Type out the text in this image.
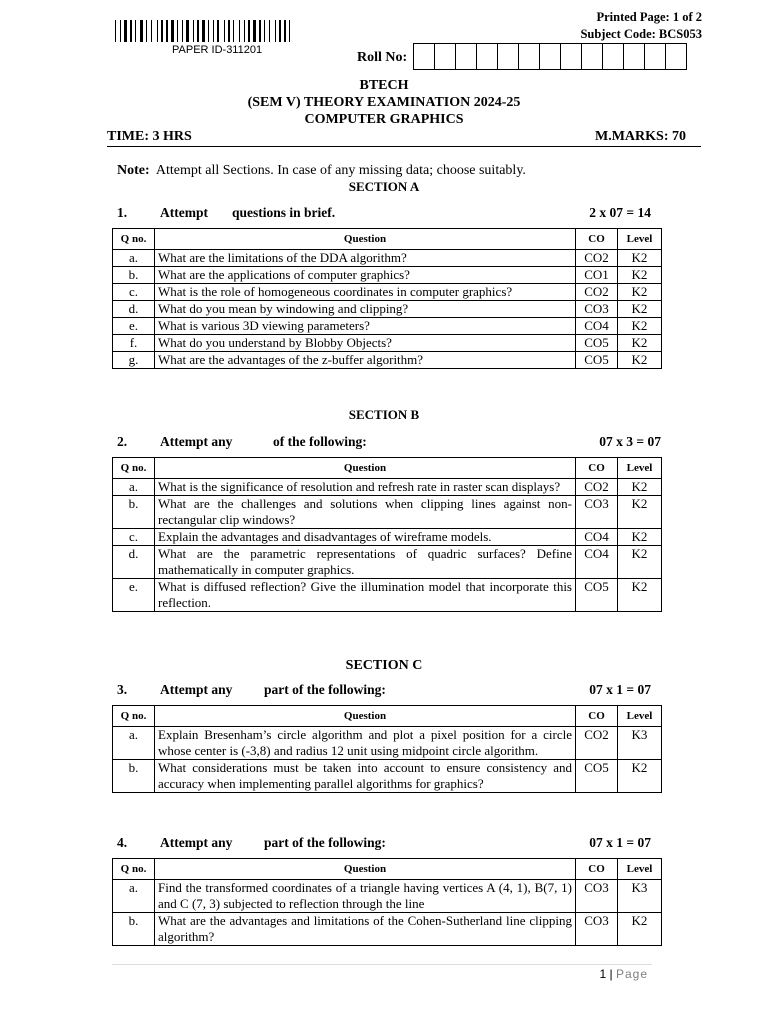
PAPER ID-311201
Printed Page: 1 of 2
Subject Code: BCS053
Roll No:
BTECH
(SEM V) THEORY EXAMINATION 2024-25
COMPUTER GRAPHICS
TIME: 3 HRS	M.MARKS: 70
Note: Attempt all Sections. In case of any missing data; choose suitably.
SECTION A
1. Attempt questions in brief.	2 x 07 = 14
Q no.	Question	CO	Level
a.	What are the limitations of the DDA algorithm?	CO2	K2
b.	What are the applications of computer graphics?	CO1	K2
c.	What is the role of homogeneous coordinates in computer graphics?	CO2	K2
d.	What do you mean by windowing and clipping?	CO3	K2
e.	What is various 3D viewing parameters?	CO4	K2
f.	What do you understand by Blobby Objects?	CO5	K2
g.	What are the advantages of the z-buffer algorithm?	CO5	K2
SECTION B
2. Attempt any	of the following:	07 x 3 = 07
Q no.	Question	CO	Level
a.	What is the significance of resolution and refresh rate in raster scan displays?	CO2	K2
b.	What are the challenges and solutions when clipping lines against non-rectangular clip windows?	CO3	K2
c.	Explain the advantages and disadvantages of wireframe models.	CO4	K2
d.	What are the parametric representations of quadric surfaces? Define mathematically in computer graphics.	CO4	K2
e.	What is diffused reflection? Give the illumination model that incorporate this reflection.	CO5	K2
SECTION C
3. Attempt any part of the following:	07 x 1 = 07
Q no.	Question	CO	Level
a.	Explain Bresenham’s circle algorithm and plot a pixel position for a circle whose center is (-3,8) and radius 12 unit using midpoint circle algorithm.	CO2	K3
b.	What considerations must be taken into account to ensure consistency and accuracy when implementing parallel algorithms for graphics?	CO5	K2
4. Attempt any part of the following:	07 x 1 = 07
Q no.	Question	CO	Level
a.	Find the transformed coordinates of a triangle having vertices A (4, 1), B(7, 1) and C (7, 3) subjected to reflection through the line	CO3	K3
b.	What are the advantages and limitations of the Cohen-Sutherland line clipping algorithm?	CO3	K2
1 | Page
